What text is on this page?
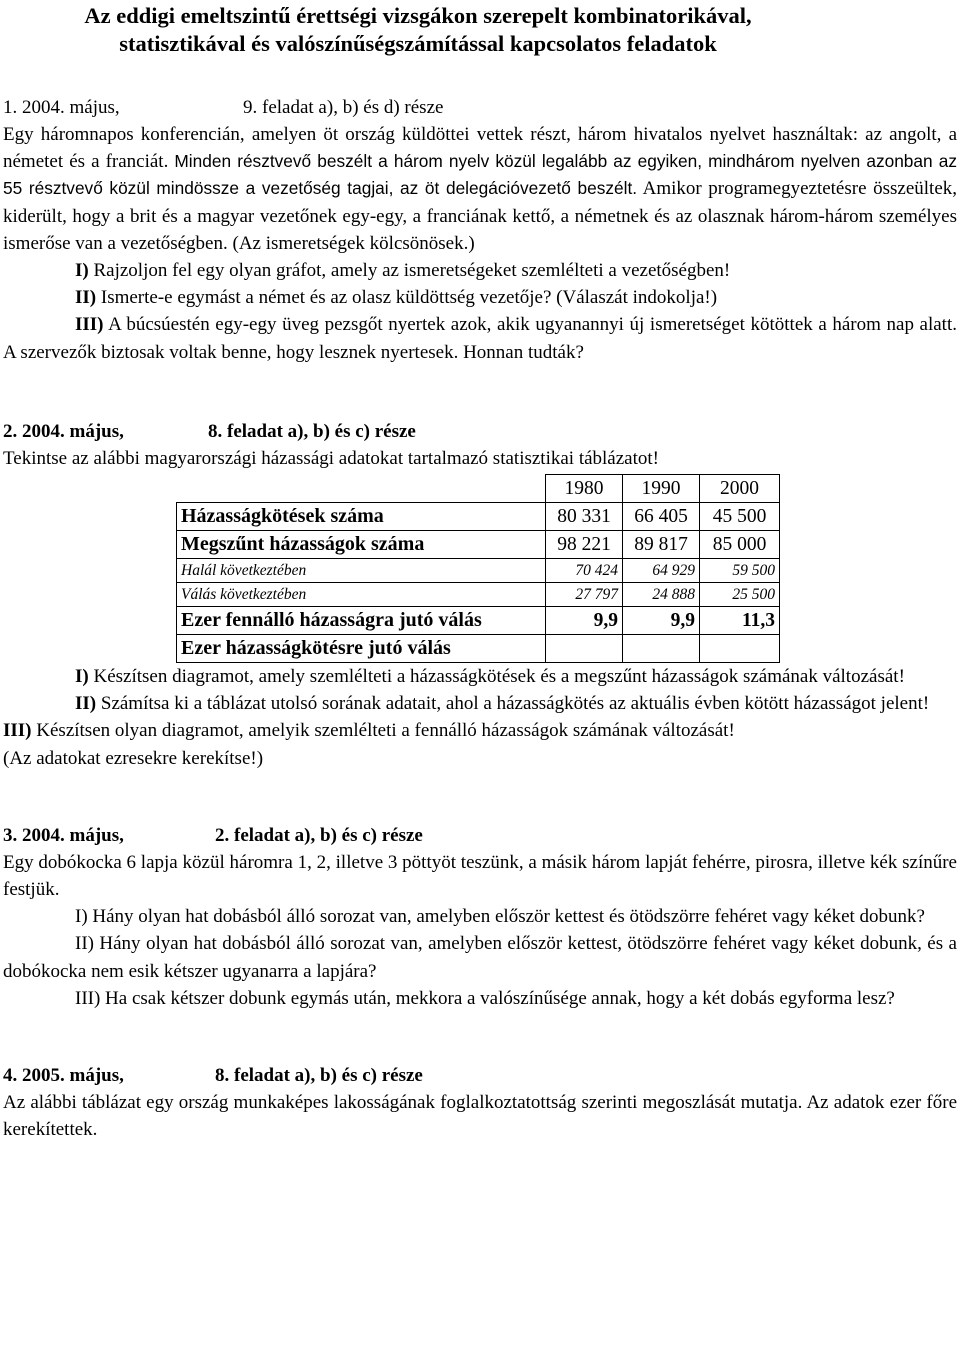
Az eddigi emeltszintű érettségi vizsgákon szerepelt kombinatorikával,
statisztikával és valószínűségszámítással kapcsolatos feladatok

1. 2004. május,	9. feladat a), b) és d) része

Egy háromnapos konferencián, amelyen öt ország küldöttei vettek részt, három hivatalos nyelvet használtak: az angolt, a németet és a franciát. Minden résztvevő beszélt a három nyelv közül legalább az egyiken, mindhárom nyelven azonban az 55 résztvevő közül mindössze a vezetőség tagjai, az öt delegációvezető beszélt. Amikor programegyeztetésre összeültek, kiderült, hogy a brit és a magyar vezetőnek egy-egy, a franciának kettő, a németnek és az olasznak három-három személyes ismerőse van a vezetőségben. (Az ismeretségek kölcsönösek.)

I) Rajzoljon fel egy olyan gráfot, amely az ismeretségeket szemlélteti a vezetőségben!

II) Ismerte-e egymást a német és az olasz küldöttség vezetője? (Válaszát indokolja!)

III) A búcsúestén egy-egy üveg pezsgőt nyertek azok, akik ugyanannyi új ismeretséget kötöttek a három nap alatt. A szervezők biztosak voltak benne, hogy lesznek nyertesek. Honnan tudták?

2. 2004. május,	8. feladat a), b) és c) része

Tekintse az alábbi magyarországi házassági adatokat tartalmazó statisztikai táblázatot!

	1980	1990	2000
Házasságkötések száma	80 331	66 405	45 500
Megszűnt házasságok száma	98 221	89 817	85 000
Halál következtében	70 424	64 929	59 500
Válás következtében	27 797	24 888	25 500
Ezer fennálló házasságra jutó válás	9,9	9,9	11,3
Ezer házasságkötésre jutó válás			

I) Készítsen diagramot, amely szemlélteti a házasságkötések és a megszűnt házasságok számának változását!

II) Számítsa ki a táblázat utolsó sorának adatait, ahol a házasságkötés az aktuális évben kötött házasságot jelent!

III) Készítsen olyan diagramot, amelyik szemlélteti a fennálló házasságok számának változását!

(Az adatokat ezresekre kerekítse!)

3. 2004. május,	2. feladat a), b) és c) része

Egy dobókocka 6 lapja közül háromra 1, 2, illetve 3 pöttyöt teszünk, a másik három lapját fehérre, pirosra, illetve kék színűre festjük.

I) Hány olyan hat dobásból álló sorozat van, amelyben először kettest és ötödszörre fehéret vagy kéket dobunk?

II) Hány olyan hat dobásból álló sorozat van, amelyben először kettest, ötödszörre fehéret vagy kéket dobunk, és a dobókocka nem esik kétszer ugyanarra a lapjára?

III) Ha csak kétszer dobunk egymás után, mekkora a valószínűsége annak, hogy a két dobás egyforma lesz?

4. 2005. május,	8. feladat a), b) és c) része

Az alábbi táblázat egy ország munkaképes lakosságának foglalkoztatottság szerinti megoszlását mutatja. Az adatok ezer főre kerekítettek.
